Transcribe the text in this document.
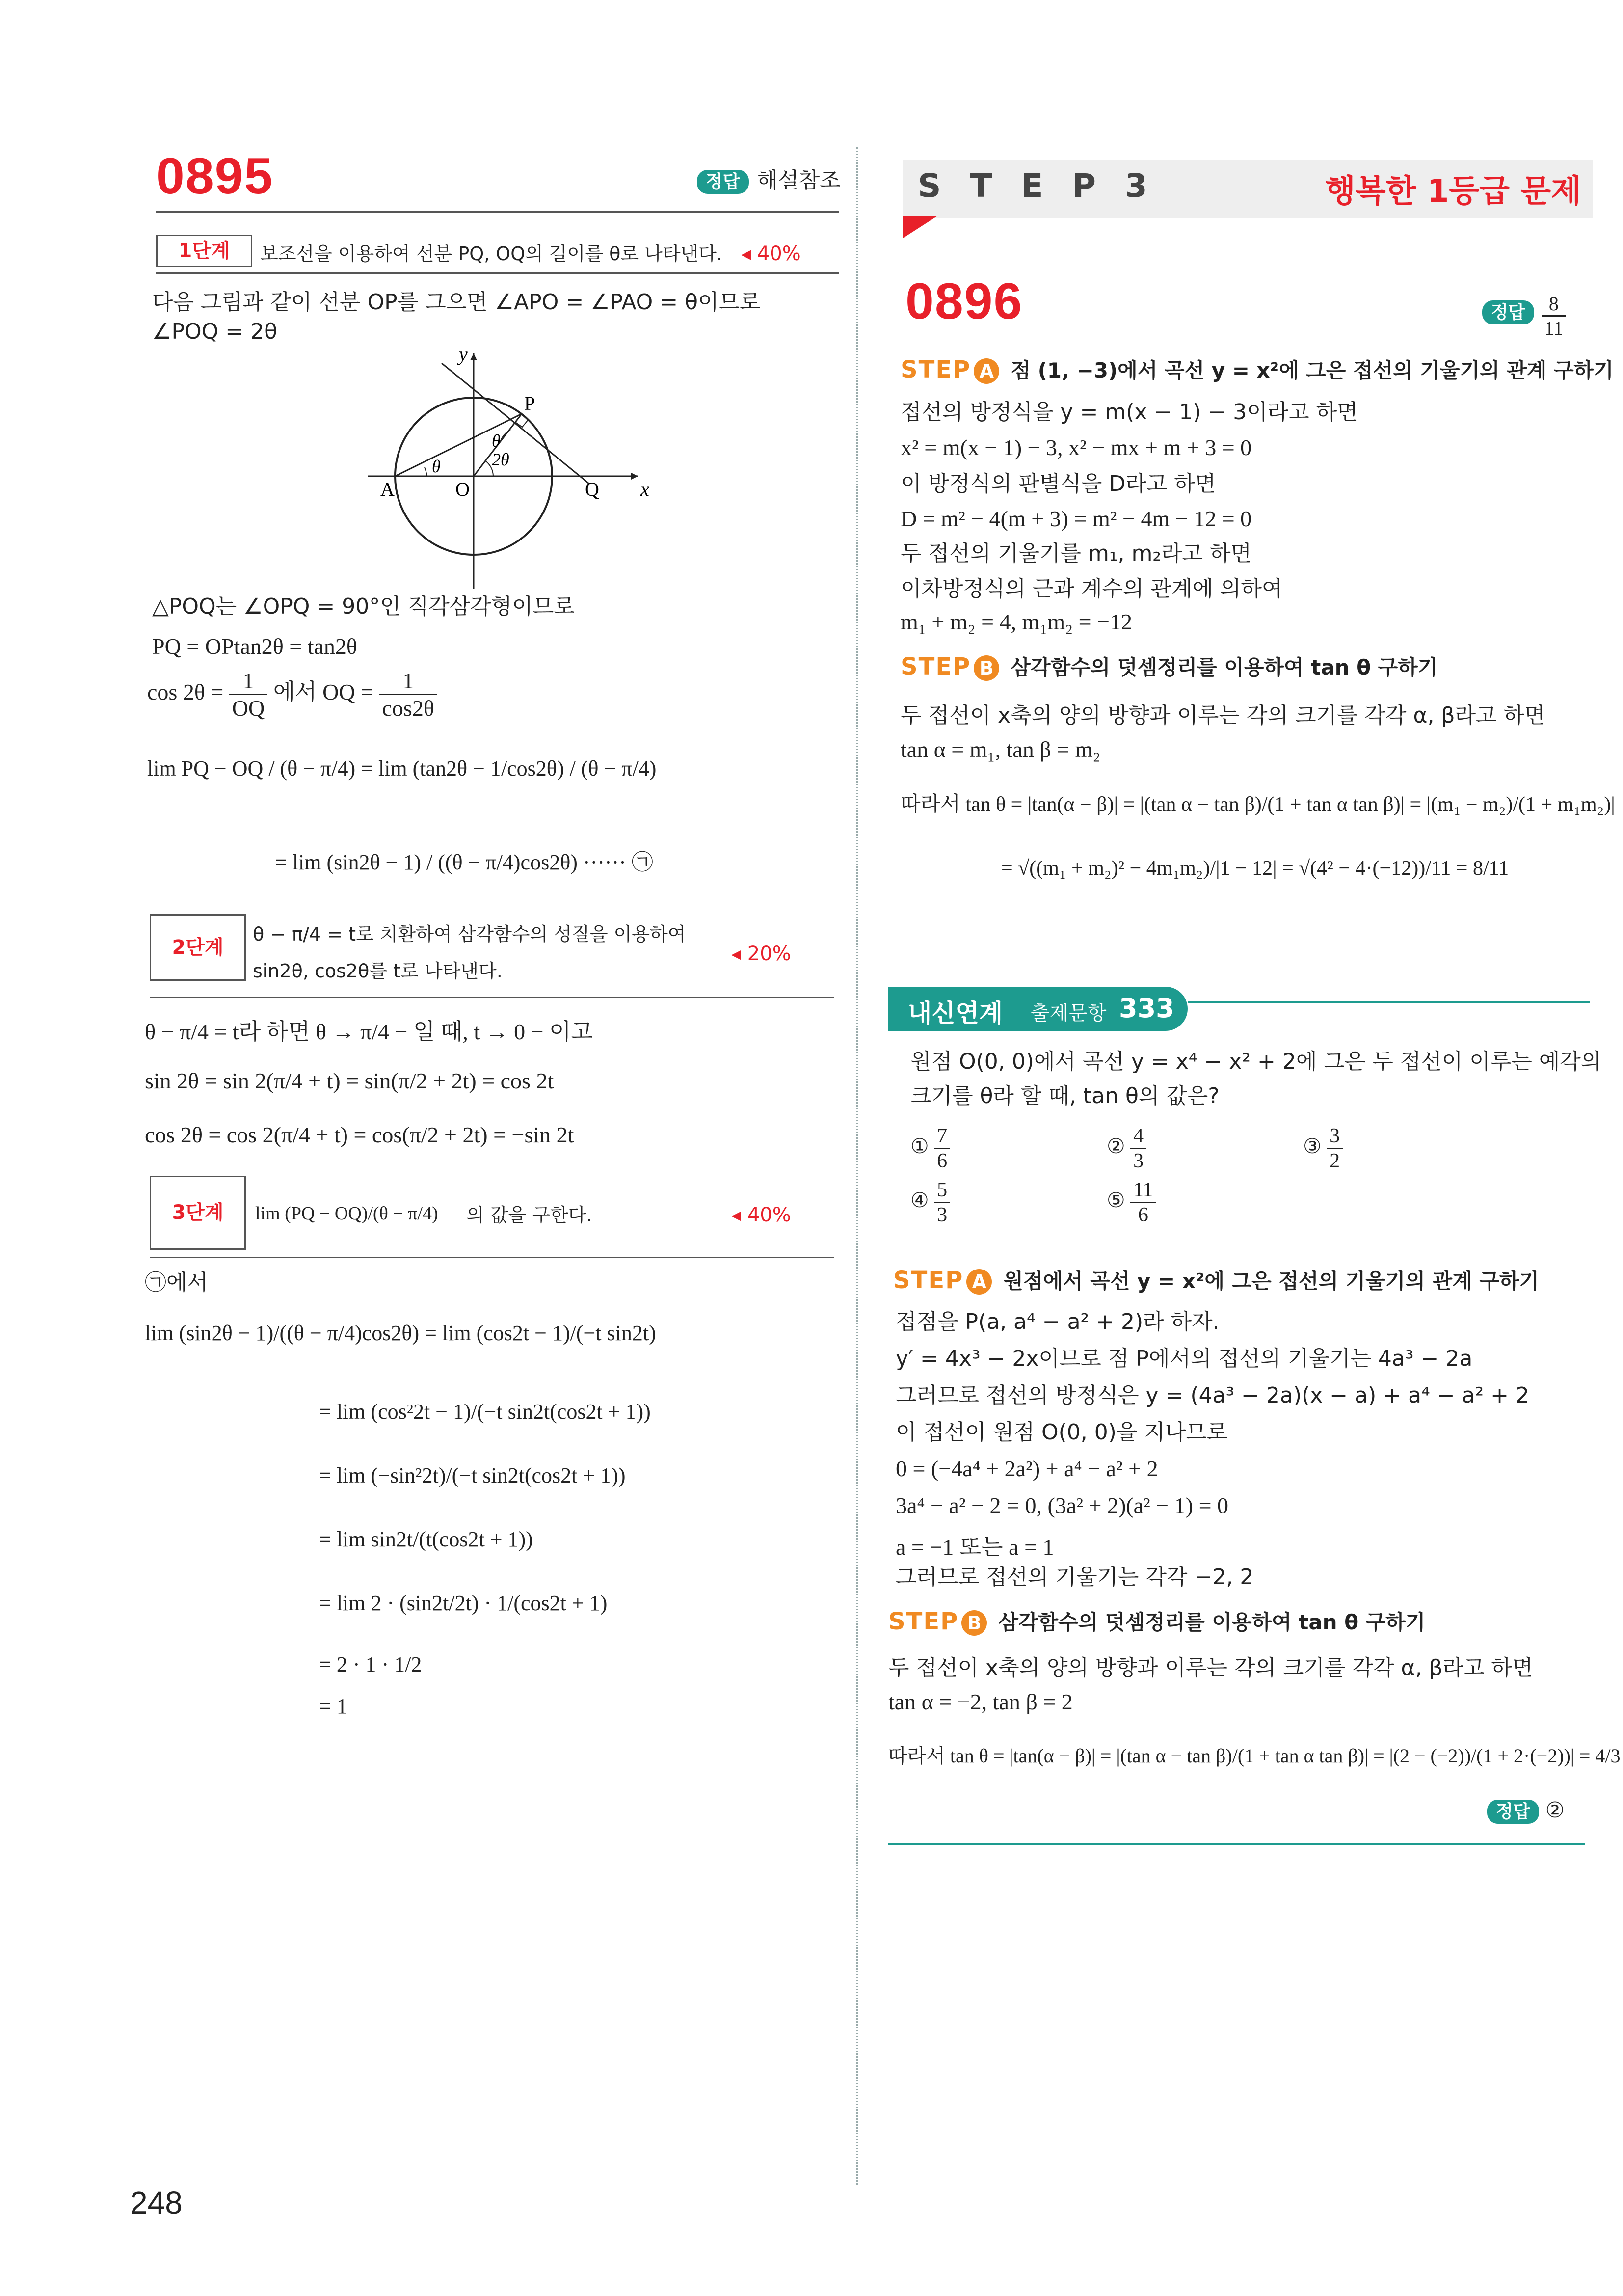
0895	정답 해설참조
1단계	보조선을 이용하여 선분 PQ, OQ의 길이를 θ로 나타낸다. ◂ 40%
다음 그림과 같이 선분 OP를 그으면 ∠APO = ∠PAO = θ이므로
∠POQ = 2θ
y
x
P
A	O	Q
θ
θ
2θ
△POQ는 ∠OPQ = 90°인 직각삼각형이므로
PQ = OPtan2θ = tan2θ
$\cos 2\theta = \frac{1}{OQ}$ 에서 OQ = $\frac{1}{\cos 2\theta}$
lim PQ − OQ / (θ − π/4) = lim (tan2θ − 1/cos2θ) / (θ − π/4)
= lim (sin2θ − 1) / ((θ − π/4)cos2θ) ······ ㉠
2단계
θ − π/4 = t로 치환하여 삼각함수의 성질을 이용하여
sin2θ, cos2θ를 t로 나타낸다.
◂ 20%
θ − π/4 = t라 하면 θ → π/4 − 일 때, t → 0 − 이고
sin 2θ = sin 2(π/4 + t) = sin(π/2 + 2t) = cos 2t
cos 2θ = cos 2(π/4 + t) = cos(π/2 + 2t) = −sin 2t
3단계	lim (PQ − OQ)/(θ − π/4) 의 값을 구한다.	◂ 40%
㉠에서
lim (sin2θ − 1)/((θ − π/4)cos2θ) = lim (cos2t − 1)/(−t sin2t)
= lim (cos²2t − 1)/(−t sin2t(cos2t + 1))
= lim (−sin²2t)/(−t sin2t(cos2t + 1))
= lim sin2t/(t(cos2t + 1))
= lim 2 · (sin2t/2t) · 1/(cos2t + 1)
= 2 · 1 · 1/2
= 1
248
S T E P 3	행복한 1등급 문제
0896	정답 $\frac{8}{11}$
STEP A 점 (1, −3)에서 곡선 y = x²에 그은 접선의 기울기의 관계 구하기
접선의 방정식을 y = m(x − 1) − 3이라고 하면
x² = m(x − 1) − 3, x² − mx + m + 3 = 0
이 방정식의 판별식을 D라고 하면
D = m² − 4(m + 3) = m² − 4m − 12 = 0
두 접선의 기울기를 m₁, m₂라고 하면
이차방정식의 근과 계수의 관계에 의하여
m₁ + m₂ = 4, m₁m₂ = −12
STEP B 삼각함수의 덧셈정리를 이용하여 tan θ 구하기
두 접선이 x축의 양의 방향과 이루는 각의 크기를 각각 α, β라고 하면
tan α = m₁, tan β = m₂
따라서 tan θ = |tan(α − β)| = |(tan α − tan β)/(1 + tan α tan β)| = |(m₁ − m₂)/(1 + m₁m₂)|
= √((m₁ + m₂)² − 4m₁m₂)/|1 − 12| = √(4² − 4·(−12))/11 = 8/11
내신연계 출제문항 333
원점 O(0, 0)에서 곡선 y = x⁴ − x² + 2에 그은 두 접선이 이루는 예각의
크기를 θ라 할 때, tan θ의 값은?
① $\frac{7}{6}$	② $\frac{4}{3}$	③ $\frac{3}{2}$
④ $\frac{5}{3}$	⑤ $\frac{11}{6}$
STEP A 원점에서 곡선 y = x²에 그은 접선의 기울기의 관계 구하기
접점을 P(a, a⁴ − a² + 2)라 하자.
y′ = 4x³ − 2x이므로 점 P에서의 접선의 기울기는 4a³ − 2a
그러므로 접선의 방정식은 y = (4a³ − 2a)(x − a) + a⁴ − a² + 2
이 접선이 원점 O(0, 0)을 지나므로
0 = (−4a⁴ + 2a²) + a⁴ − a² + 2
3a⁴ − a² − 2 = 0, (3a² + 2)(a² − 1) = 0
a = −1 또는 a = 1
그러므로 접선의 기울기는 각각 −2, 2
STEP B 삼각함수의 덧셈정리를 이용하여 tan θ 구하기
두 접선이 x축의 양의 방향과 이루는 각의 크기를 각각 α, β라고 하면
tan α = −2, tan β = 2
따라서 tan θ = |tan(α − β)| = |(tan α − tan β)/(1 + tan α tan β)| = |(2 − (−2))/(1 + 2·(−2))| = 4/3
정답 ②
